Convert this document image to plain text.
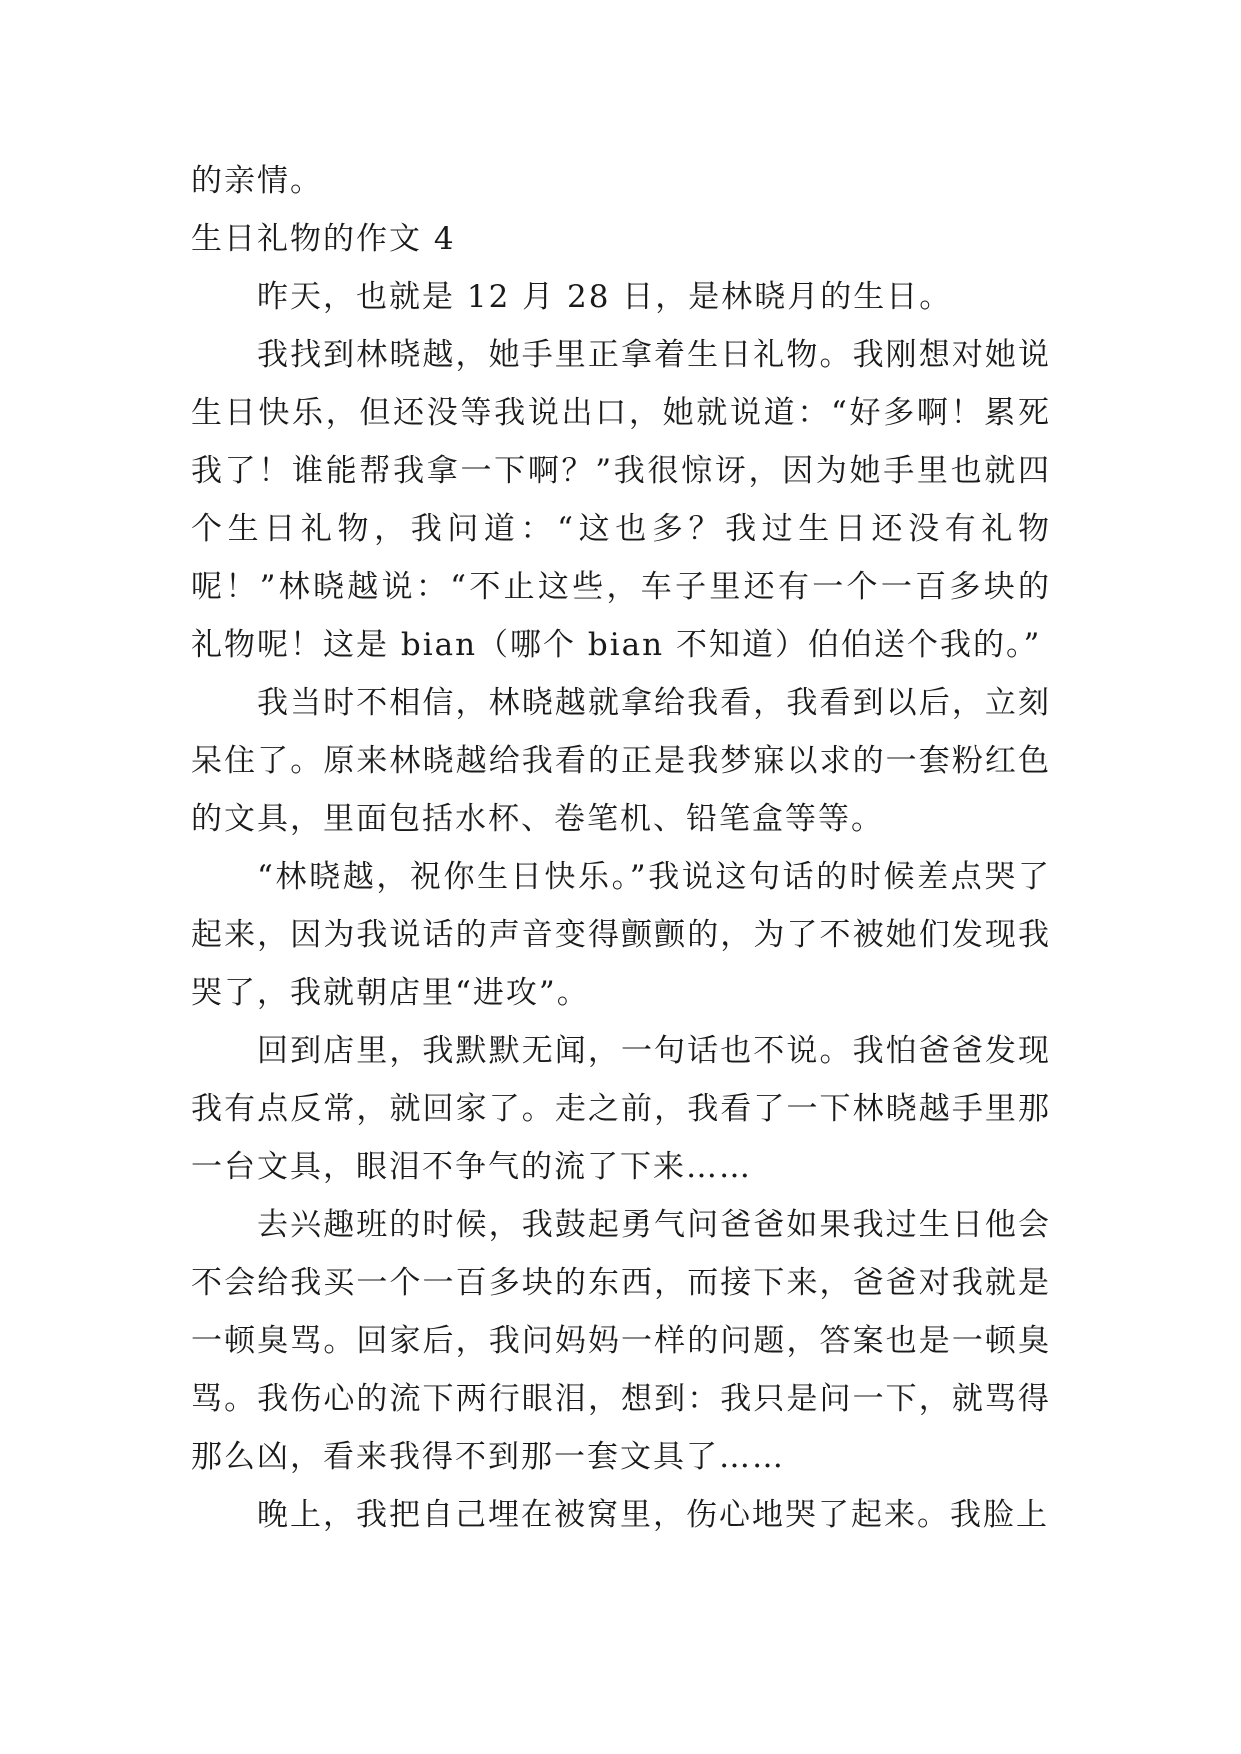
的亲情。

生日礼物的作文 4

昨天，也就是 12 月 28 日，是林晓月的生日。

我找到林晓越，她手里正拿着生日礼物。我刚想对她说生日快乐，但还没等我说出口，她就说道：“好多啊！累死我了！谁能帮我拿一下啊？”我很惊讶，因为她手里也就四个生日礼物，我问道：“这也多？我过生日还没有礼物呢！”林晓越说：“不止这些，车子里还有一个一百多块的礼物呢！这是 bian（哪个 bian 不知道）伯伯送个我的。”

我当时不相信，林晓越就拿给我看，我看到以后，立刻呆住了。原来林晓越给我看的正是我梦寐以求的一套粉红色的文具，里面包括水杯、卷笔机、铅笔盒等等。

“林晓越，祝你生日快乐。”我说这句话的时候差点哭了起来，因为我说话的声音变得颤颤的，为了不被她们发现我哭了，我就朝店里“进攻”。

回到店里，我默默无闻，一句话也不说。我怕爸爸发现我有点反常，就回家了。走之前，我看了一下林晓越手里那一台文具，眼泪不争气的流了下来……

去兴趣班的时候，我鼓起勇气问爸爸如果我过生日他会不会给我买一个一百多块的东西，而接下来，爸爸对我就是一顿臭骂。回家后，我问妈妈一样的问题，答案也是一顿臭骂。我伤心的流下两行眼泪，想到：我只是问一下，就骂得那么凶，看来我得不到那一套文具了……

晚上，我把自己埋在被窝里，伤心地哭了起来。我脸上
